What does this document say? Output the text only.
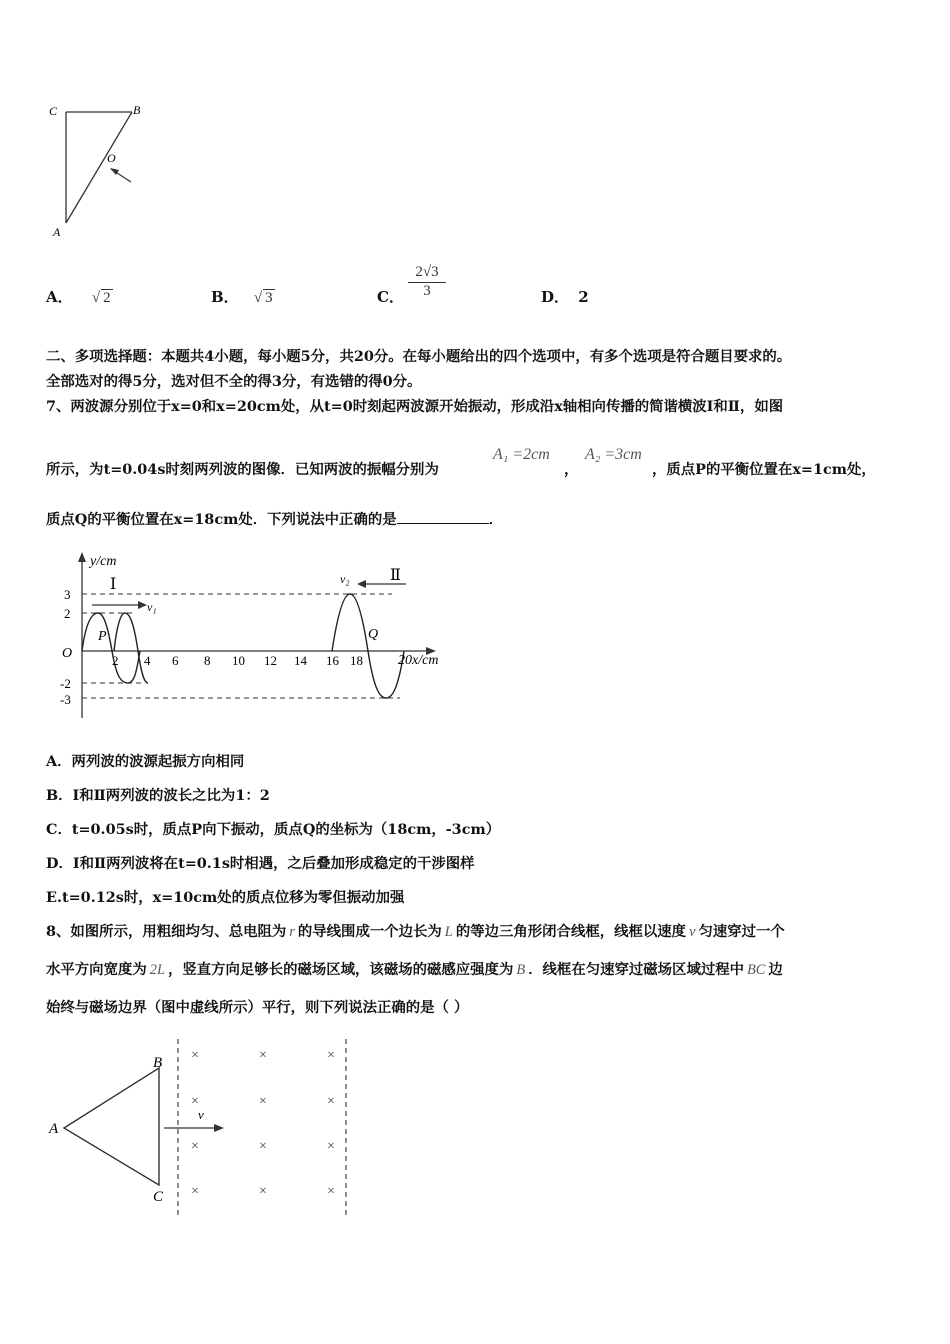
C	B
O
A
A． √ 2	B． √ 3	C． $\frac{2√3}{3}$	D． 2
二、多项选择题：本题共4小题，每小题5分，共20分。在每小题给出的四个选项中，有多个选项是符合题目要求的。
全部选对的得5分，选对但不全的得3分，有选错的得0分。
7、两波源分别位于x=0和x=20cm处，从t=0时刻起两波源开始振动，形成沿x轴相向传播的简谐横波Ⅰ和Ⅱ，如图
所示，为t=0.04s时刻两列波的图像．已知两波的振幅分别为
A₁ =2cm
，
A₂ =3cm
，质点P的平衡位置在x=1cm处，
质点Q的平衡位置在x=18cm处．下列说法中正确的是	．
y/cm
20x/cm
O
3
2
-2
-3
2 4 6 8 10 12 14 16 18
Ⅰ
Ⅱ
v₁
v₂
P	Q
A．两列波的波源起振方向相同
B．Ⅰ和Ⅱ两列波的波长之比为1：2
C．t=0.05s时，质点P向下振动，质点Q的坐标为（18cm，-3cm）
D．Ⅰ和Ⅱ两列波将在t=0.1s时相遇，之后叠加形成稳定的干涉图样
E.t=0.12s时，x=10cm处的质点位移为零但振动加强
8、如图所示，用粗细均匀、总电阻为 r 的导线围成一个边长为 L 的等边三角形闭合线框，线框以速度 v 匀速穿过一个
水平方向宽度为 2L ，竖直方向足够长的磁场区域，该磁场的磁感应强度为 B ．线框在匀速穿过磁场区域过程中 BC 边
始终与磁场边界（图中虚线所示）平行，则下列说法正确的是（ ）
A
B
C
v
×	×	×
×	×	×
×	×	×
×	×	×
